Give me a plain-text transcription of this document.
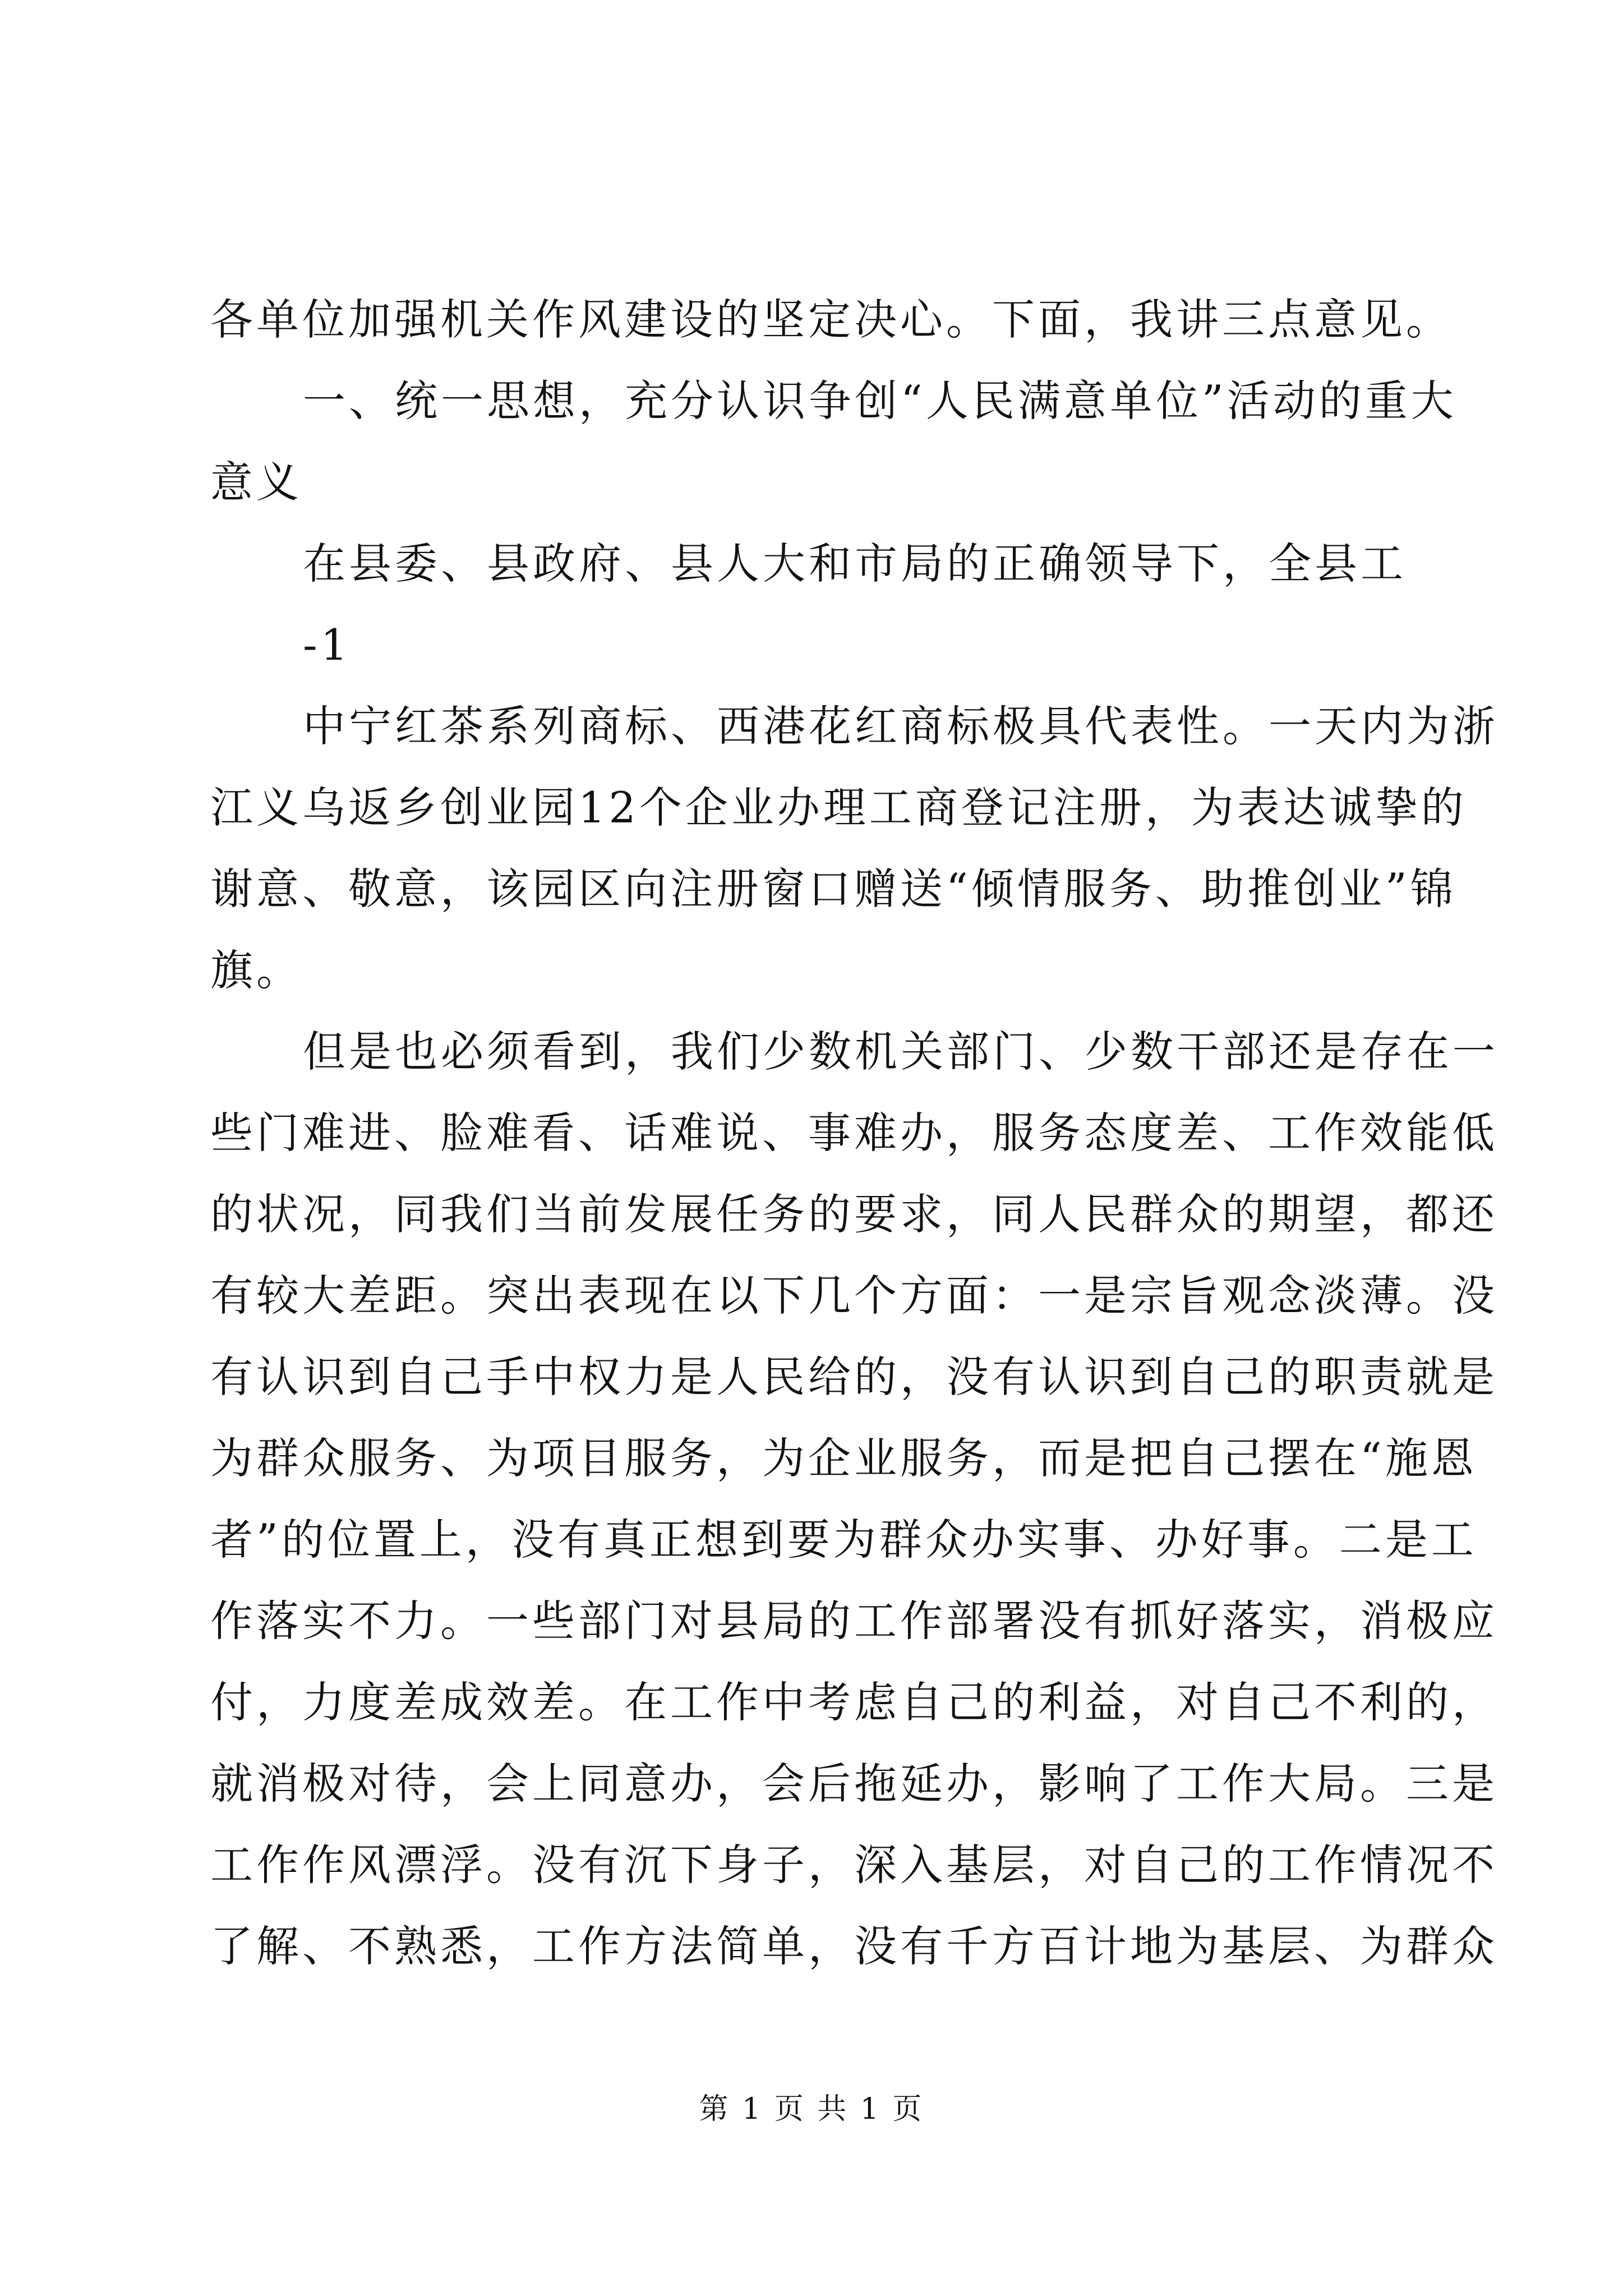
各单位加强机关作风建设的坚定决心。下面，我讲三点意见。
一、统一思想，充分认识争创“人民满意单位”活动的重大
意义
在县委、县政府、县人大和市局的正确领导下，全县工
-1
中宁红茶系列商标、西港花红商标极具代表性。一天内为浙
江义乌返乡创业园12个企业办理工商登记注册，为表达诚挚的
谢意、敬意，该园区向注册窗口赠送“倾情服务、助推创业”锦
旗。
但是也必须看到，我们少数机关部门、少数干部还是存在一
些门难进、脸难看、话难说、事难办，服务态度差、工作效能低
的状况，同我们当前发展任务的要求，同人民群众的期望，都还
有较大差距。突出表现在以下几个方面：一是宗旨观念淡薄。没
有认识到自己手中权力是人民给的，没有认识到自己的职责就是
为群众服务、为项目服务，为企业服务，而是把自己摆在“施恩
者”的位置上，没有真正想到要为群众办实事、办好事。二是工
作落实不力。一些部门对县局的工作部署没有抓好落实，消极应
付，力度差成效差。在工作中考虑自己的利益，对自己不利的，
就消极对待，会上同意办，会后拖延办，影响了工作大局。三是
工作作风漂浮。没有沉下身子，深入基层，对自己的工作情况不
了解、不熟悉，工作方法简单，没有千方百计地为基层、为群众
第 1 页 共 1 页
